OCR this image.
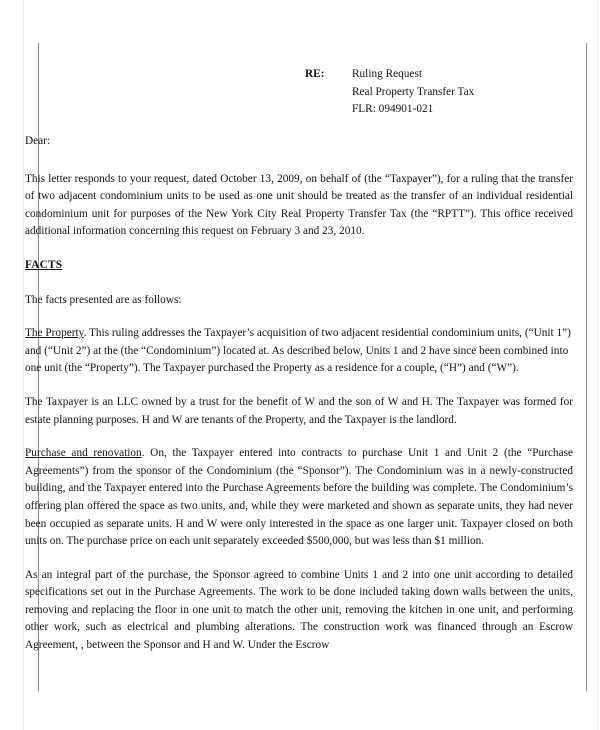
RE: Ruling Request
Real Property Transfer Tax
FLR: 094901-021

Dear:

This letter responds to your request, dated October 13, 2009, on behalf of (the “Taxpayer”), for a ruling that the transfer of two adjacent condominium units to be used as one unit should be treated as the transfer of an individual residential condominium unit for purposes of the New York City Real Property Transfer Tax (the “RPTT”). This office received additional information concerning this request on February 3 and 23, 2010.

FACTS

The facts presented are as follows:

The Property. This ruling addresses the Taxpayer’s acquisition of two adjacent residential condominium units, (“Unit 1”) and (“Unit 2”) at the (the “Condominium”) located at. As described below, Units 1 and 2 have since been combined into one unit (the “Property”). The Taxpayer purchased the Property as a residence for a couple, (“H”) and (“W”).

The Taxpayer is an LLC owned by a trust for the benefit of W and the son of W and H. The Taxpayer was formed for estate planning purposes. H and W are tenants of the Property, and the Taxpayer is the landlord.

Purchase and renovation. On, the Taxpayer entered into contracts to purchase Unit 1 and Unit 2 (the “Purchase Agreements”) from the sponsor of the Condominium (the “Sponsor”). The Condominium was in a newly-constructed building, and the Taxpayer entered into the Purchase Agreements before the building was complete. The Condominium’s offering plan offered the space as two units, and, while they were marketed and shown as separate units, they had never been occupied as separate units. H and W were only interested in the space as one larger unit. Taxpayer closed on both units on. The purchase price on each unit separately exceeded $500,000, but was less than $1 million.

As an integral part of the purchase, the Sponsor agreed to combine Units 1 and 2 into one unit according to detailed specifications set out in the Purchase Agreements. The work to be done included taking down walls between the units, removing and replacing the floor in one unit to match the other unit, removing the kitchen in one unit, and performing other work, such as electrical and plumbing alterations. The construction work was financed through an Escrow Agreement, , between the Sponsor and H and W. Under the Escrow
